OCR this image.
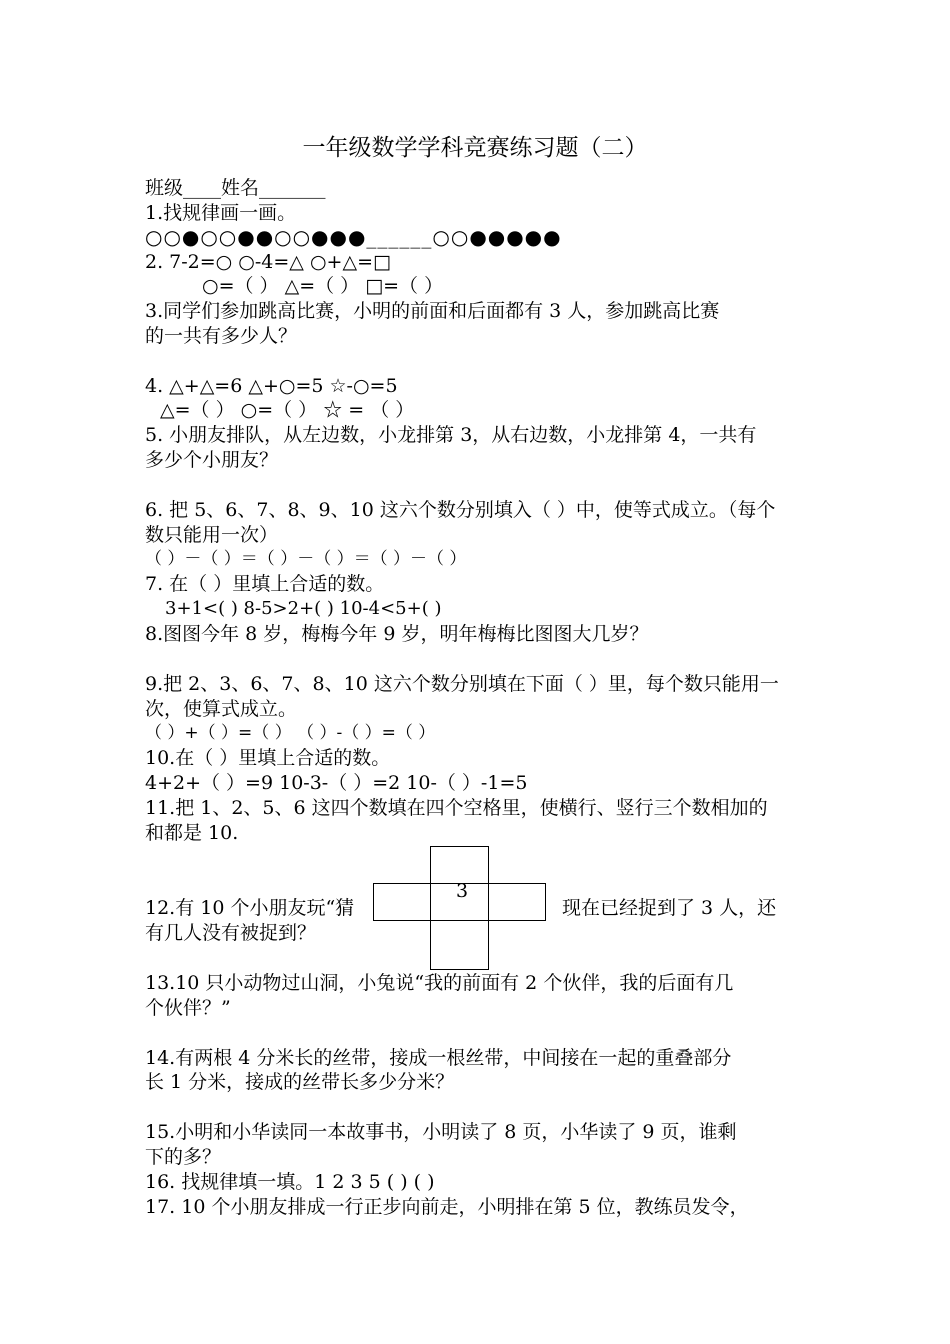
一年级数学学科竞赛练习题（二）
班级____姓名_______
1.找规律画一画。
○○●○○●●○○●●●______○○●●●●●
2. 7-2=○ ○-4=△ ○+△=□
○=（ ） △=（ ） □=（ ）
3.同学们参加跳高比赛，小明的前面和后面都有 3 人，参加跳高比赛
的一共有多少人？
4. △+△=6 △+○=5 ☆-○=5
△=（ ） ○=（ ） ☆ = （ ）
5. 小朋友排队，从左边数，小龙排第 3，从右边数，小龙排第 4，一共有
多少个小朋友？
6. 把 5、6、7、8、9、10 这六个数分别填入（ ）中，使等式成立。（每个
数只能用一次）
（ ）－（ ）＝（ ）－（ ）＝（ ）－（ ）
7. 在（ ）里填上合适的数。
3+1<( ) 8-5>2+( ) 10-4<5+( )
8.图图今年 8 岁，梅梅今年 9 岁，明年梅梅比图图大几岁？
9.把 2、3、6、7、8、10 这六个数分别填在下面（ ）里，每个数只能用一
次，使算式成立。
（ ）+（ ）=（ ） （ ）-（ ）=（ ）
10.在（ ）里填上合适的数。
4+2+（ ）=9 10-3-（ ）=2 10-（ ）-1=5
11.把 1、2、5、6 这四个数填在四个空格里，使横行、竖行三个数相加的
和都是 10.
12.有 10 个小朋友玩“猜	现在已经捉到了 3 人，还
有几人没有被捉到？
3
13.10 只小动物过山洞，小兔说“我的前面有 2 个伙伴，我的后面有几
个伙伴？”
14.有两根 4 分米长的丝带，接成一根丝带，中间接在一起的重叠部分
长 1 分米，接成的丝带长多少分米？
15.小明和小华读同一本故事书，小明读了 8 页，小华读了 9 页，谁剩
下的多？
16. 找规律填一填。1 2 3 5 ( ) ( )
17. 10 个小朋友排成一行正步向前走，小明排在第 5 位，教练员发令，
